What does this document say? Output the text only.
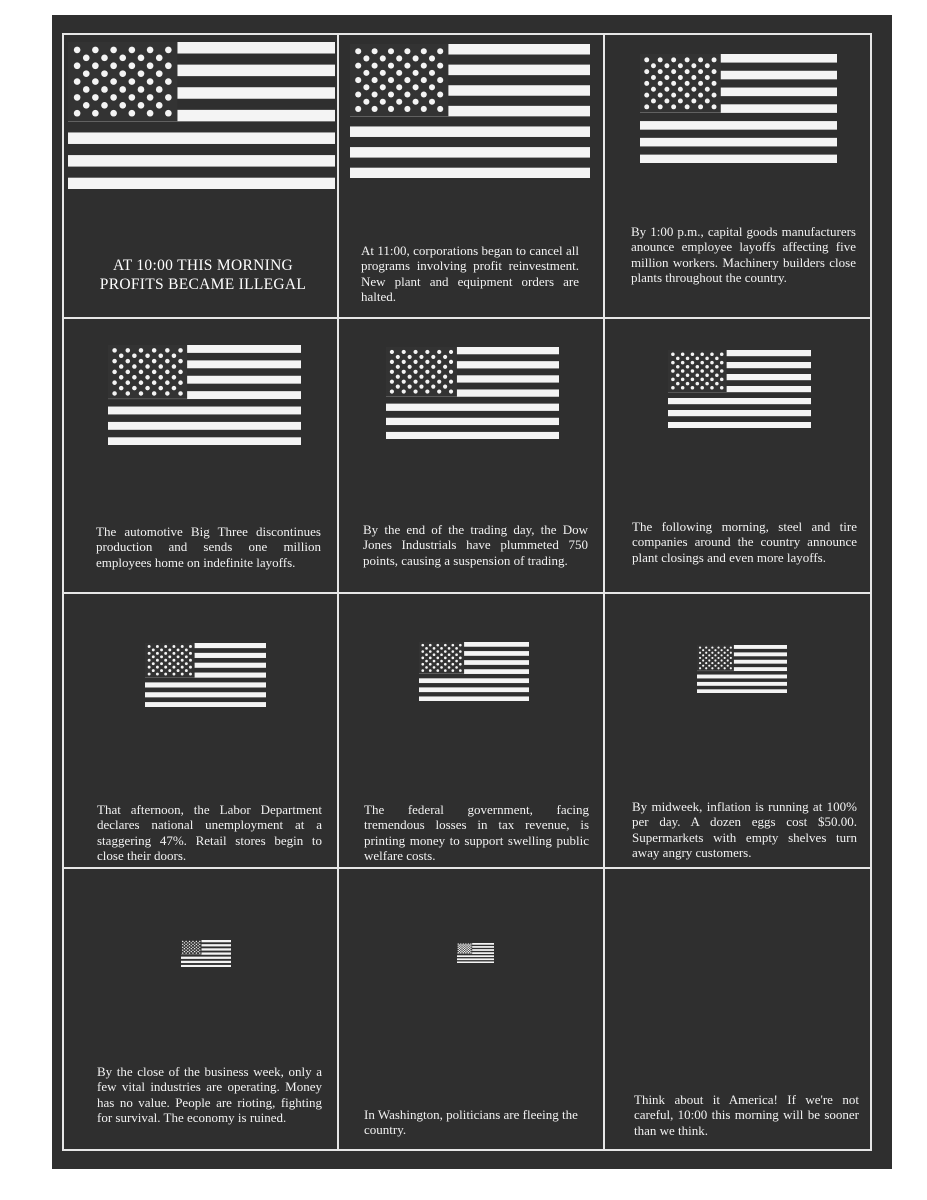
AT 10:00 THIS MORNING
PROFITS BECAME ILLEGAL
At 11:00, corporations began to cancel all programs involving profit reinvestment. New plant and equipment orders are halted.
By 1:00 p.m., capital goods manufacturers anounce employee layoffs affecting five million workers. Machinery builders close plants throughout the country.
The automotive Big Three discontinues production and sends one million employees home on indefinite layoffs.
By the end of the trading day, the Dow Jones Industrials have plummeted 750 points, causing a suspension of trading.
The following morning, steel and tire companies around the country announce plant closings and even more layoffs.
That afternoon, the Labor Department declares national unemployment at a staggering 47%. Retail stores begin to close their doors.
The federal government, facing tremendous losses in tax revenue, is printing money to support swelling public welfare costs.
By midweek, inflation is running at 100% per day. A dozen eggs cost $50.00. Supermarkets with empty shelves turn away angry customers.
By the close of the business week, only a few vital industries are operating. Money has no value. People are rioting, fighting for survival. The economy is ruined.	In Washington, politicians are fleeing the country.
Think about it America! If we're not careful, 10:00 this morning will be sooner than we think.
